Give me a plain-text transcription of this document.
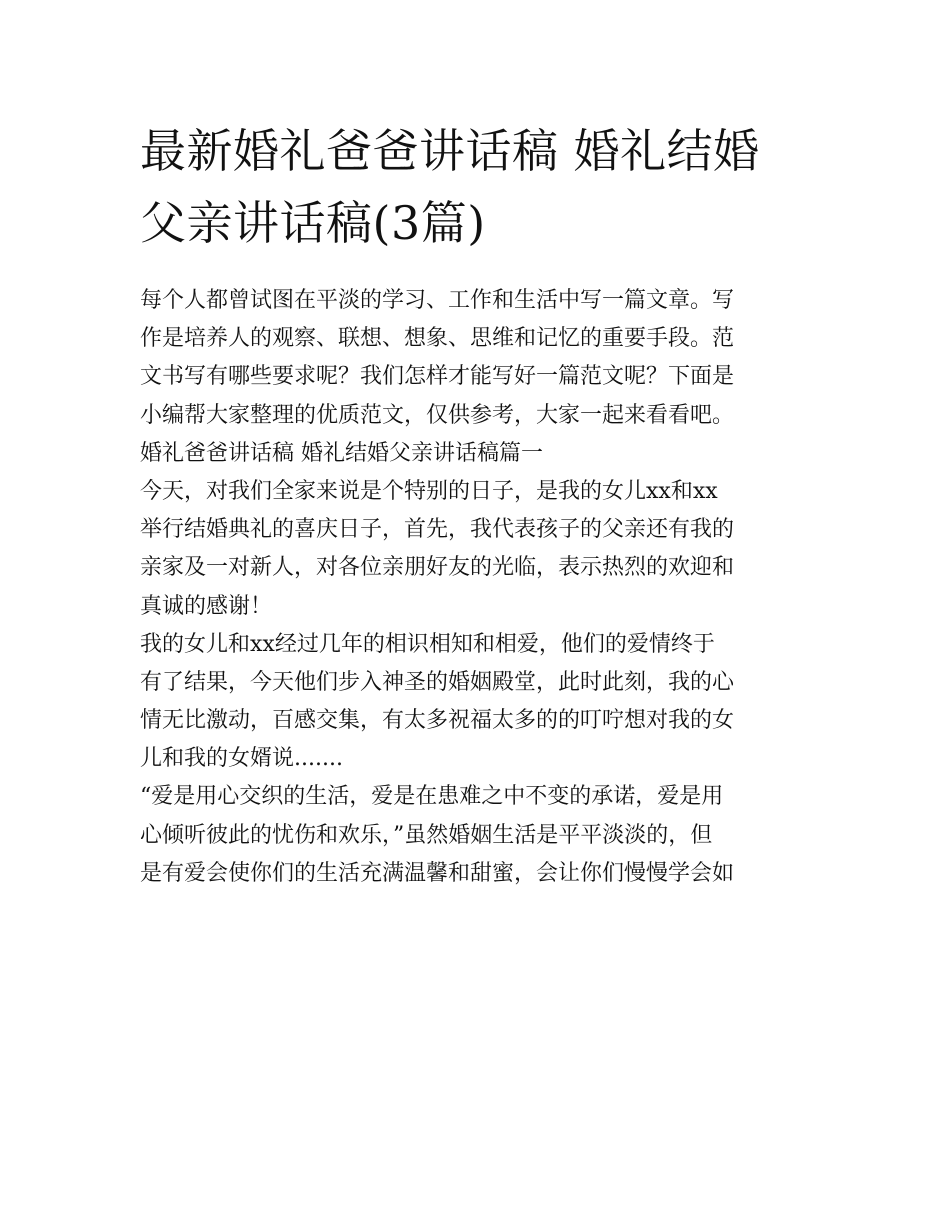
最新婚礼爸爸讲话稿 婚礼结婚
父亲讲话稿(3篇)
每个人都曾试图在平淡的学习、工作和生活中写一篇文章。写
作是培养人的观察、联想、想象、思维和记忆的重要手段。范
文书写有哪些要求呢？我们怎样才能写好一篇范文呢？下面是
小编帮大家整理的优质范文，仅供参考，大家一起来看看吧。
婚礼爸爸讲话稿 婚礼结婚父亲讲话稿篇一
今天，对我们全家来说是个特别的日子，是我的女儿xx和xx
举行结婚典礼的喜庆日子，首先，我代表孩子的父亲还有我的
亲家及一对新人，对各位亲朋好友的光临，表示热烈的欢迎和
真诚的感谢！
我的女儿和xx经过几年的相识相知和相爱，他们的爱情终于
有了结果，今天他们步入神圣的婚姻殿堂，此时此刻，我的心
情无比激动，百感交集，有太多祝福太多的的叮咛想对我的女
儿和我的女婿说.......
“爱是用心交织的生活，爱是在患难之中不变的承诺，爱是用
心倾听彼此的忧伤和欢乐，”虽然婚姻生活是平平淡淡的，但
是有爱会使你们的生活充满温馨和甜蜜，会让你们慢慢学会如
